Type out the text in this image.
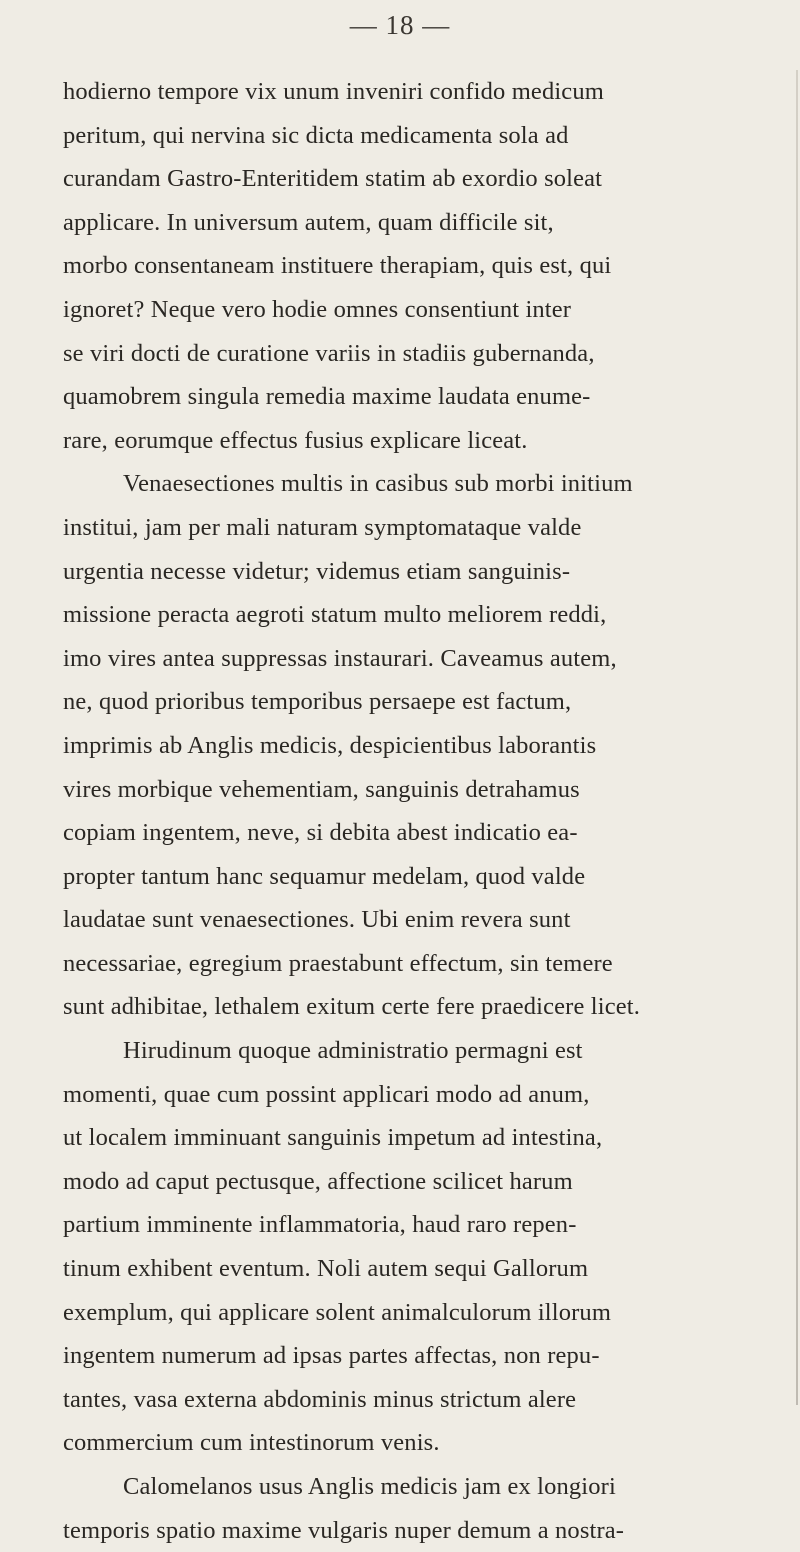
— 18 —
hodierno tempore vix unum inveniri confido medicum
peritum, qui nervina sic dicta medicamenta sola ad
curandam Gastro-Enteritidem statim ab exordio soleat
applicare. In universum autem, quam difficile sit,
morbo consentaneam instituere therapiam, quis est, qui
ignoret? Neque vero hodie omnes consentiunt inter
se viri docti de curatione variis in stadiis gubernanda,
quamobrem singula remedia maxime laudata enume-
rare, eorumque effectus fusius explicare liceat.
Venaesectiones multis in casibus sub morbi initium
institui, jam per mali naturam symptomataque valde
urgentia necesse videtur; videmus etiam sanguinis-
missione peracta aegroti statum multo meliorem reddi,
imo vires antea suppressas instaurari. Caveamus autem,
ne, quod prioribus temporibus persaepe est factum,
imprimis ab Anglis medicis, despicientibus laborantis
vires morbique vehementiam, sanguinis detrahamus
copiam ingentem, neve, si debita abest indicatio ea-
propter tantum hanc sequamur medelam, quod valde
laudatae sunt venaesectiones. Ubi enim revera sunt
necessariae, egregium praestabunt effectum, sin temere
sunt adhibitae, lethalem exitum certe fere praedicere licet.
Hirudinum quoque administratio permagni est
momenti, quae cum possint applicari modo ad anum,
ut localem imminuant sanguinis impetum ad intestina,
modo ad caput pectusque, affectione scilicet harum
partium imminente inflammatoria, haud raro repen-
tinum exhibent eventum. Noli autem sequi Gallorum
exemplum, qui applicare solent animalculorum illorum
ingentem numerum ad ipsas partes affectas, non repu-
tantes, vasa externa abdominis minus strictum alere
commercium cum intestinorum venis.
Calomelanos usus Anglis medicis jam ex longiori
temporis spatio maxime vulgaris nuper demum a nostra-
